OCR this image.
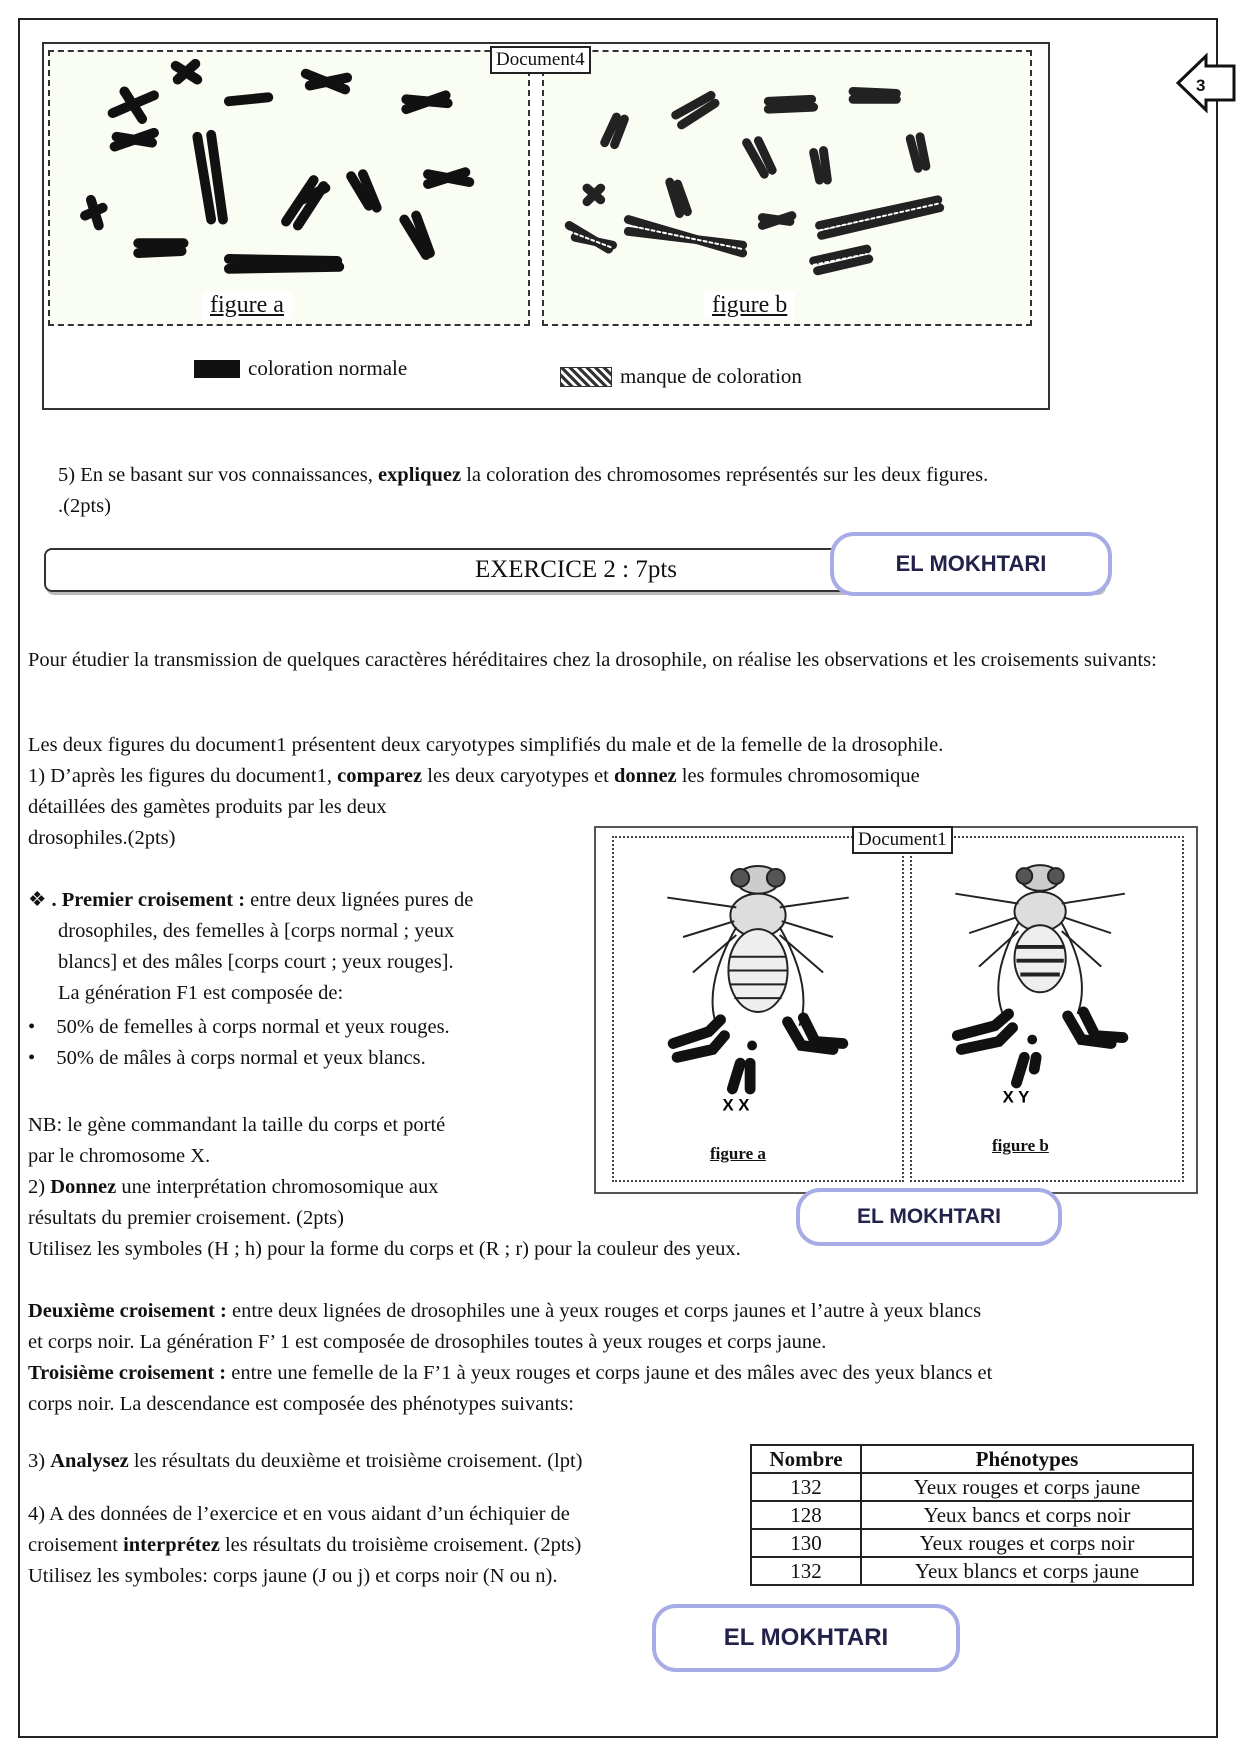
3
figure a	figure b
Document4
coloration normale	manque de coloration
5) En se basant sur vos connaissances, expliquez la coloration des chromosomes représentés sur les deux figures.
.(2pts)
EXERCICE 2 : 7pts	EL MOKHTARI
Pour étudier la transmission de quelques caractères héréditaires chez la drosophile, on réalise les observations et les croisements suivants:
Les deux figures du document1 présentent deux caryotypes simplifiés du male et de la femelle de la drosophile.
1) D’après les figures du document1, comparez les deux caryotypes et donnez les formules chromosomique
détaillées des gamètes produits par les deux
drosophiles.(2pts)
X X
figure a
X Y
figure b
Document1
EL MOKHTARI
❖ . Premier croisement : entre deux lignées pures de
drosophiles, des femelles à [corps normal ; yeux
blancs] et des mâles [corps court ; yeux rouges].
La génération F1 est composée de:
• 50% de femelles à corps normal et yeux rouges.
• 50% de mâles à corps normal et yeux blancs.
NB: le gène commandant la taille du corps et porté
par le chromosome X.
2) Donnez une interprétation chromosomique aux
résultats du premier croisement. (2pts)
Utilisez les symboles (H ; h) pour la forme du corps et (R ; r) pour la couleur des yeux.
Deuxième croisement : entre deux lignées de drosophiles une à yeux rouges et corps jaunes et l’autre à yeux blancs
et corps noir. La génération F’ 1 est composée de drosophiles toutes à yeux rouges et corps jaune.
Troisième croisement : entre une femelle de la F’1 à yeux rouges et corps jaune et des mâles avec des yeux blancs et
corps noir. La descendance est composée des phénotypes suivants:
3) Analysez les résultats du deuxième et troisième croisement. (lpt)

4) A des données de l’exercice et en vous aidant d’un échiquier de
croisement interprétez les résultats du troisième croisement. (2pts)
Utilisez les symboles: corps jaune (J ou j) et corps noir (N ou n).
Nombre	Phénotypes
132	Yeux rouges et corps jaune
128	Yeux bancs et corps noir
130	Yeux rouges et corps noir
132	Yeux blancs et corps jaune
EL MOKHTARI
